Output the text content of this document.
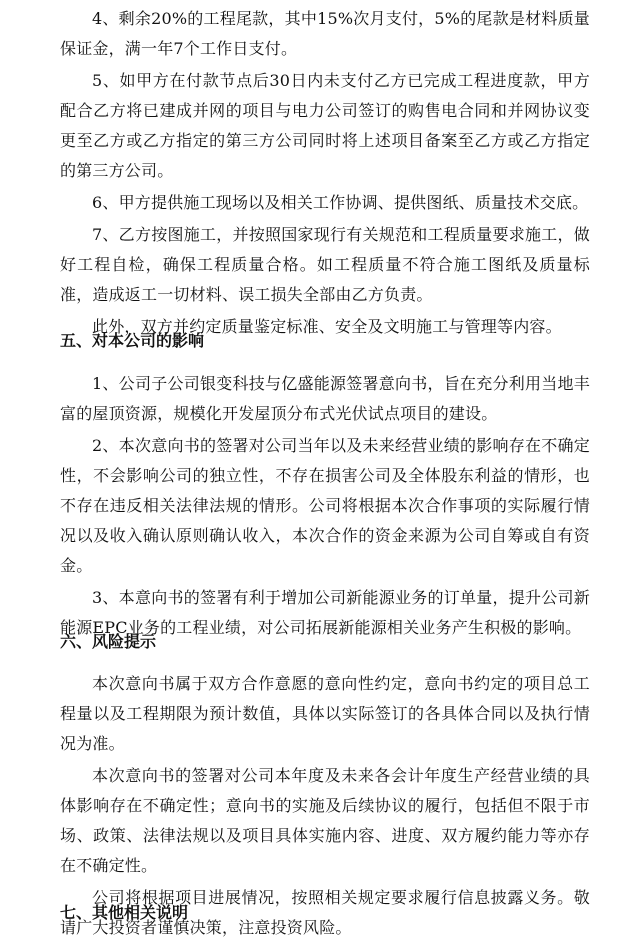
4、剩余20%的工程尾款，其中15%次月支付，5%的尾款是材料质量保证金，满一年7个工作日支付。

5、如甲方在付款节点后30日内未支付乙方已完成工程进度款，甲方配合乙方将已建成并网的项目与电力公司签订的购售电合同和并网协议变更至乙方或乙方指定的第三方公司同时将上述项目备案至乙方或乙方指定的第三方公司。

6、甲方提供施工现场以及相关工作协调、提供图纸、质量技术交底。

7、乙方按图施工，并按照国家现行有关规范和工程质量要求施工，做好工程自检，确保工程质量合格。如工程质量不符合施工图纸及质量标准，造成返工一切材料、误工损失全部由乙方负责。

此外，双方并约定质量鉴定标准、安全及文明施工与管理等内容。

五、对本公司的影响

1、公司子公司银变科技与亿盛能源签署意向书，旨在充分利用当地丰富的屋顶资源，规模化开发屋顶分布式光伏试点项目的建设。

2、本次意向书的签署对公司当年以及未来经营业绩的影响存在不确定性，不会影响公司的独立性，不存在损害公司及全体股东利益的情形，也不存在违反相关法律法规的情形。公司将根据本次合作事项的实际履行情况以及收入确认原则确认收入，本次合作的资金来源为公司自筹或自有资金。

3、本意向书的签署有利于增加公司新能源业务的订单量，提升公司新能源EPC业务的工程业绩，对公司拓展新能源相关业务产生积极的影响。

六、风险提示

本次意向书属于双方合作意愿的意向性约定，意向书约定的项目总工程量以及工程期限为预计数值，具体以实际签订的各具体合同以及执行情况为准。

本次意向书的签署对公司本年度及未来各会计年度生产经营业绩的具体影响存在不确定性；意向书的实施及后续协议的履行，包括但不限于市场、政策、法律法规以及项目具体实施内容、进度、双方履约能力等亦存在不确定性。

公司将根据项目进展情况，按照相关规定要求履行信息披露义务。敬请广大投资者谨慎决策，注意投资风险。

七、其他相关说明
